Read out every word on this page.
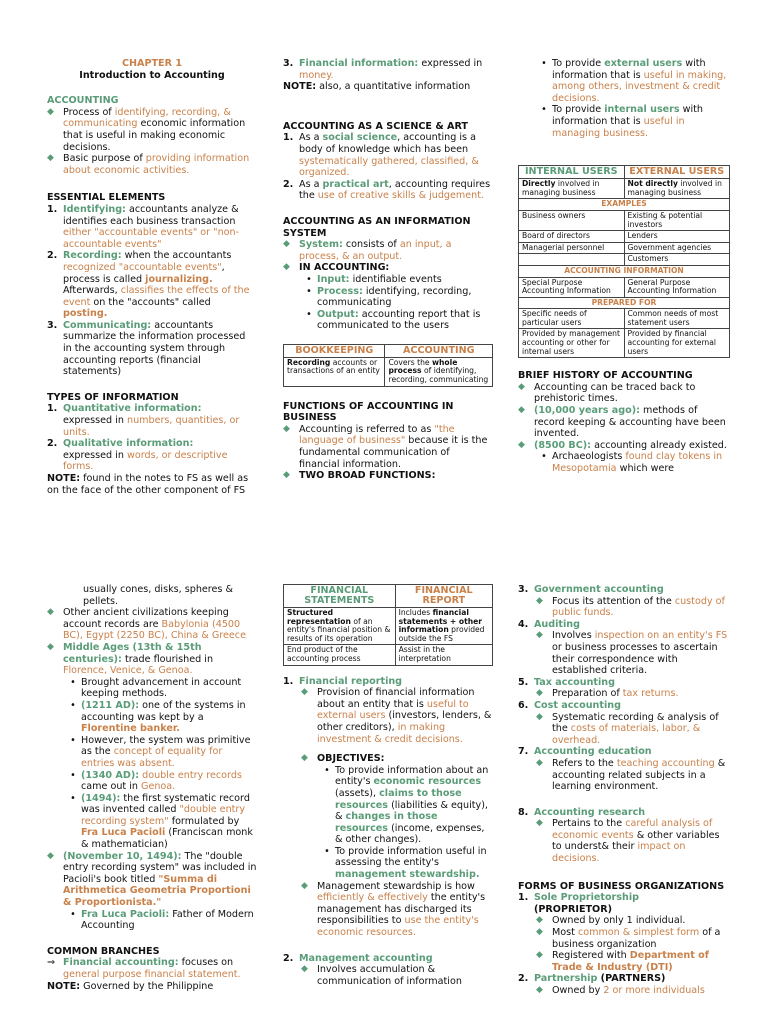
CHAPTER 1

Introduction to Accounting

ACCOUNTING

◆ Process of identifying, recording, & communicating economic information that is useful in making economic decisions.

◆ Basic purpose of providing information about economic activities.

ESSENTIAL ELEMENTS

1. Identifying: accountants analyze & identifies each business transaction either "accountable events" or "non-accountable events"

2. Recording: when the accountants recognized "accountable events", process is called journalizing. Afterwards, classifies the effects of the event on the "accounts" called posting.

3. Communicating: accountants summarize the information processed in the accounting system through accounting reports (financial statements)

TYPES OF INFORMATION

1. Quantitative information:
expressed in numbers, quantities, or units.

2. Qualitative information:
expressed in words, or descriptive forms.

NOTE: found in the notes to FS as well as on the face of the other component of FS

3. Financial information: expressed in money.

NOTE: also, a quantitative information

ACCOUNTING AS A SCIENCE & ART

1. As a social science, accounting is a body of knowledge which has been systematically gathered, classified, & organized.

2. As a practical art, accounting requires the use of creative skills & judgement.

ACCOUNTING AS AN INFORMATION SYSTEM

◆ System: consists of an input, a process, & an output.

◆ IN ACCOUNTING:

• Input: identifiable events

• Process: identifying, recording, communicating

• Output: accounting report that is communicated to the users

BOOKKEEPING	ACCOUNTING
Recording accounts or transactions of an entity	Covers the whole process of identifying, recording, communicating

FUNCTIONS OF ACCOUNTING IN BUSINESS

◆ Accounting is referred to as "the language of business" because it is the fundamental communication of financial information.

◆ TWO BROAD FUNCTIONS:

• To provide external users with information that is useful in making, among others, investment & credit decisions.

• To provide internal users with information that is useful in managing business.

INTERNAL USERS	EXTERNAL USERS
Directly involved in managing business	Not directly involved in managing business
EXAMPLES	
Business owners	Existing & potential investors
Board of directors	Lenders
Managerial personnel	Government agencies
	Customers
ACCOUNTING INFORMATION	
Special Purpose Accounting Information	General Purpose Accounting Information
PREPARED FOR	
Specific needs of particular users	Common needs of most statement users
Provided by management accounting or other for internal users	Provided by financial accounting for external users

BRIEF HISTORY OF ACCOUNTING

◆ Accounting can be traced back to prehistoric times.

◆ (10,000 years ago): methods of record keeping & accounting have been invented.

◆ (8500 BC): accounting already existed.

• Archaeologists found clay tokens in Mesopotamia which were

usually cones, disks, spheres & pellets.

◆ Other ancient civilizations keeping account records are Babylonia (4500 BC), Egypt (2250 BC), China & Greece

◆ Middle Ages (13th & 15th centuries): trade flourished in Florence, Venice, & Genoa.

• Brought advancement in account keeping methods.

• (1211 AD): one of the systems in accounting was kept by a Florentine banker.

• However, the system was primitive as the concept of equality for entries was absent.

• (1340 AD): double entry records came out in Genoa.

• (1494): the first systematic record was invented called "double entry recording system" formulated by Fra Luca Pacioli (Franciscan monk & mathematician)

◆ (November 10, 1494): The "double entry recording system" was included in Pacioli's book titled "Summa di Arithmetica Geometria Proportioni & Proportionista."

• Fra Luca Pacioli: Father of Modern Accounting

COMMON BRANCHES

⇒ Financial accounting: focuses on general purpose financial statement.

NOTE: Governed by the Philippine

FINANCIAL STATEMENTS	FINANCIAL REPORT
Structured representation of an entity's financial position & results of its operation	Includes financial statements + other information provided outside the FS
End product of the accounting process	Assist in the interpretation
1. Financial reporting

◆ Provision of financial information about an entity that is useful to external users (investors, lenders, & other creditors), in making investment & credit decisions.

◆ OBJECTIVES:

• To provide information about an entity's economic resources (assets), claims to those resources (liabilities & equity), & changes in those resources (income, expenses, & other changes).

• To provide information useful in assessing the entity's management stewardship.

◆ Management stewardship is how efficiently & effectively the entity's management has discharged its responsibilities to use the entity's economic resources.

2. Management accounting

◆ Involves accumulation & communication of information

3. Government accounting

◆ Focus its attention of the custody of public funds.

4. Auditing

◆ Involves inspection on an entity's FS or business processes to ascertain their correspondence with established criteria.

5. Tax accounting

◆ Preparation of tax returns.

6. Cost accounting

◆ Systematic recording & analysis of the costs of materials, labor, & overhead.

7. Accounting education

◆ Refers to the teaching accounting & accounting related subjects in a learning environment.

8. Accounting research

◆ Pertains to the careful analysis of economic events & other variables to underst& their impact on decisions.

FORMS OF BUSINESS ORGANIZATIONS

1. Sole Proprietorship
(PROPRIETOR)

◆ Owned by only 1 individual.

◆ Most common & simplest form of a business organization

◆ Registered with Department of Trade & Industry (DTI)

2. Partnership (PARTNERS)

◆ Owned by 2 or more individuals
